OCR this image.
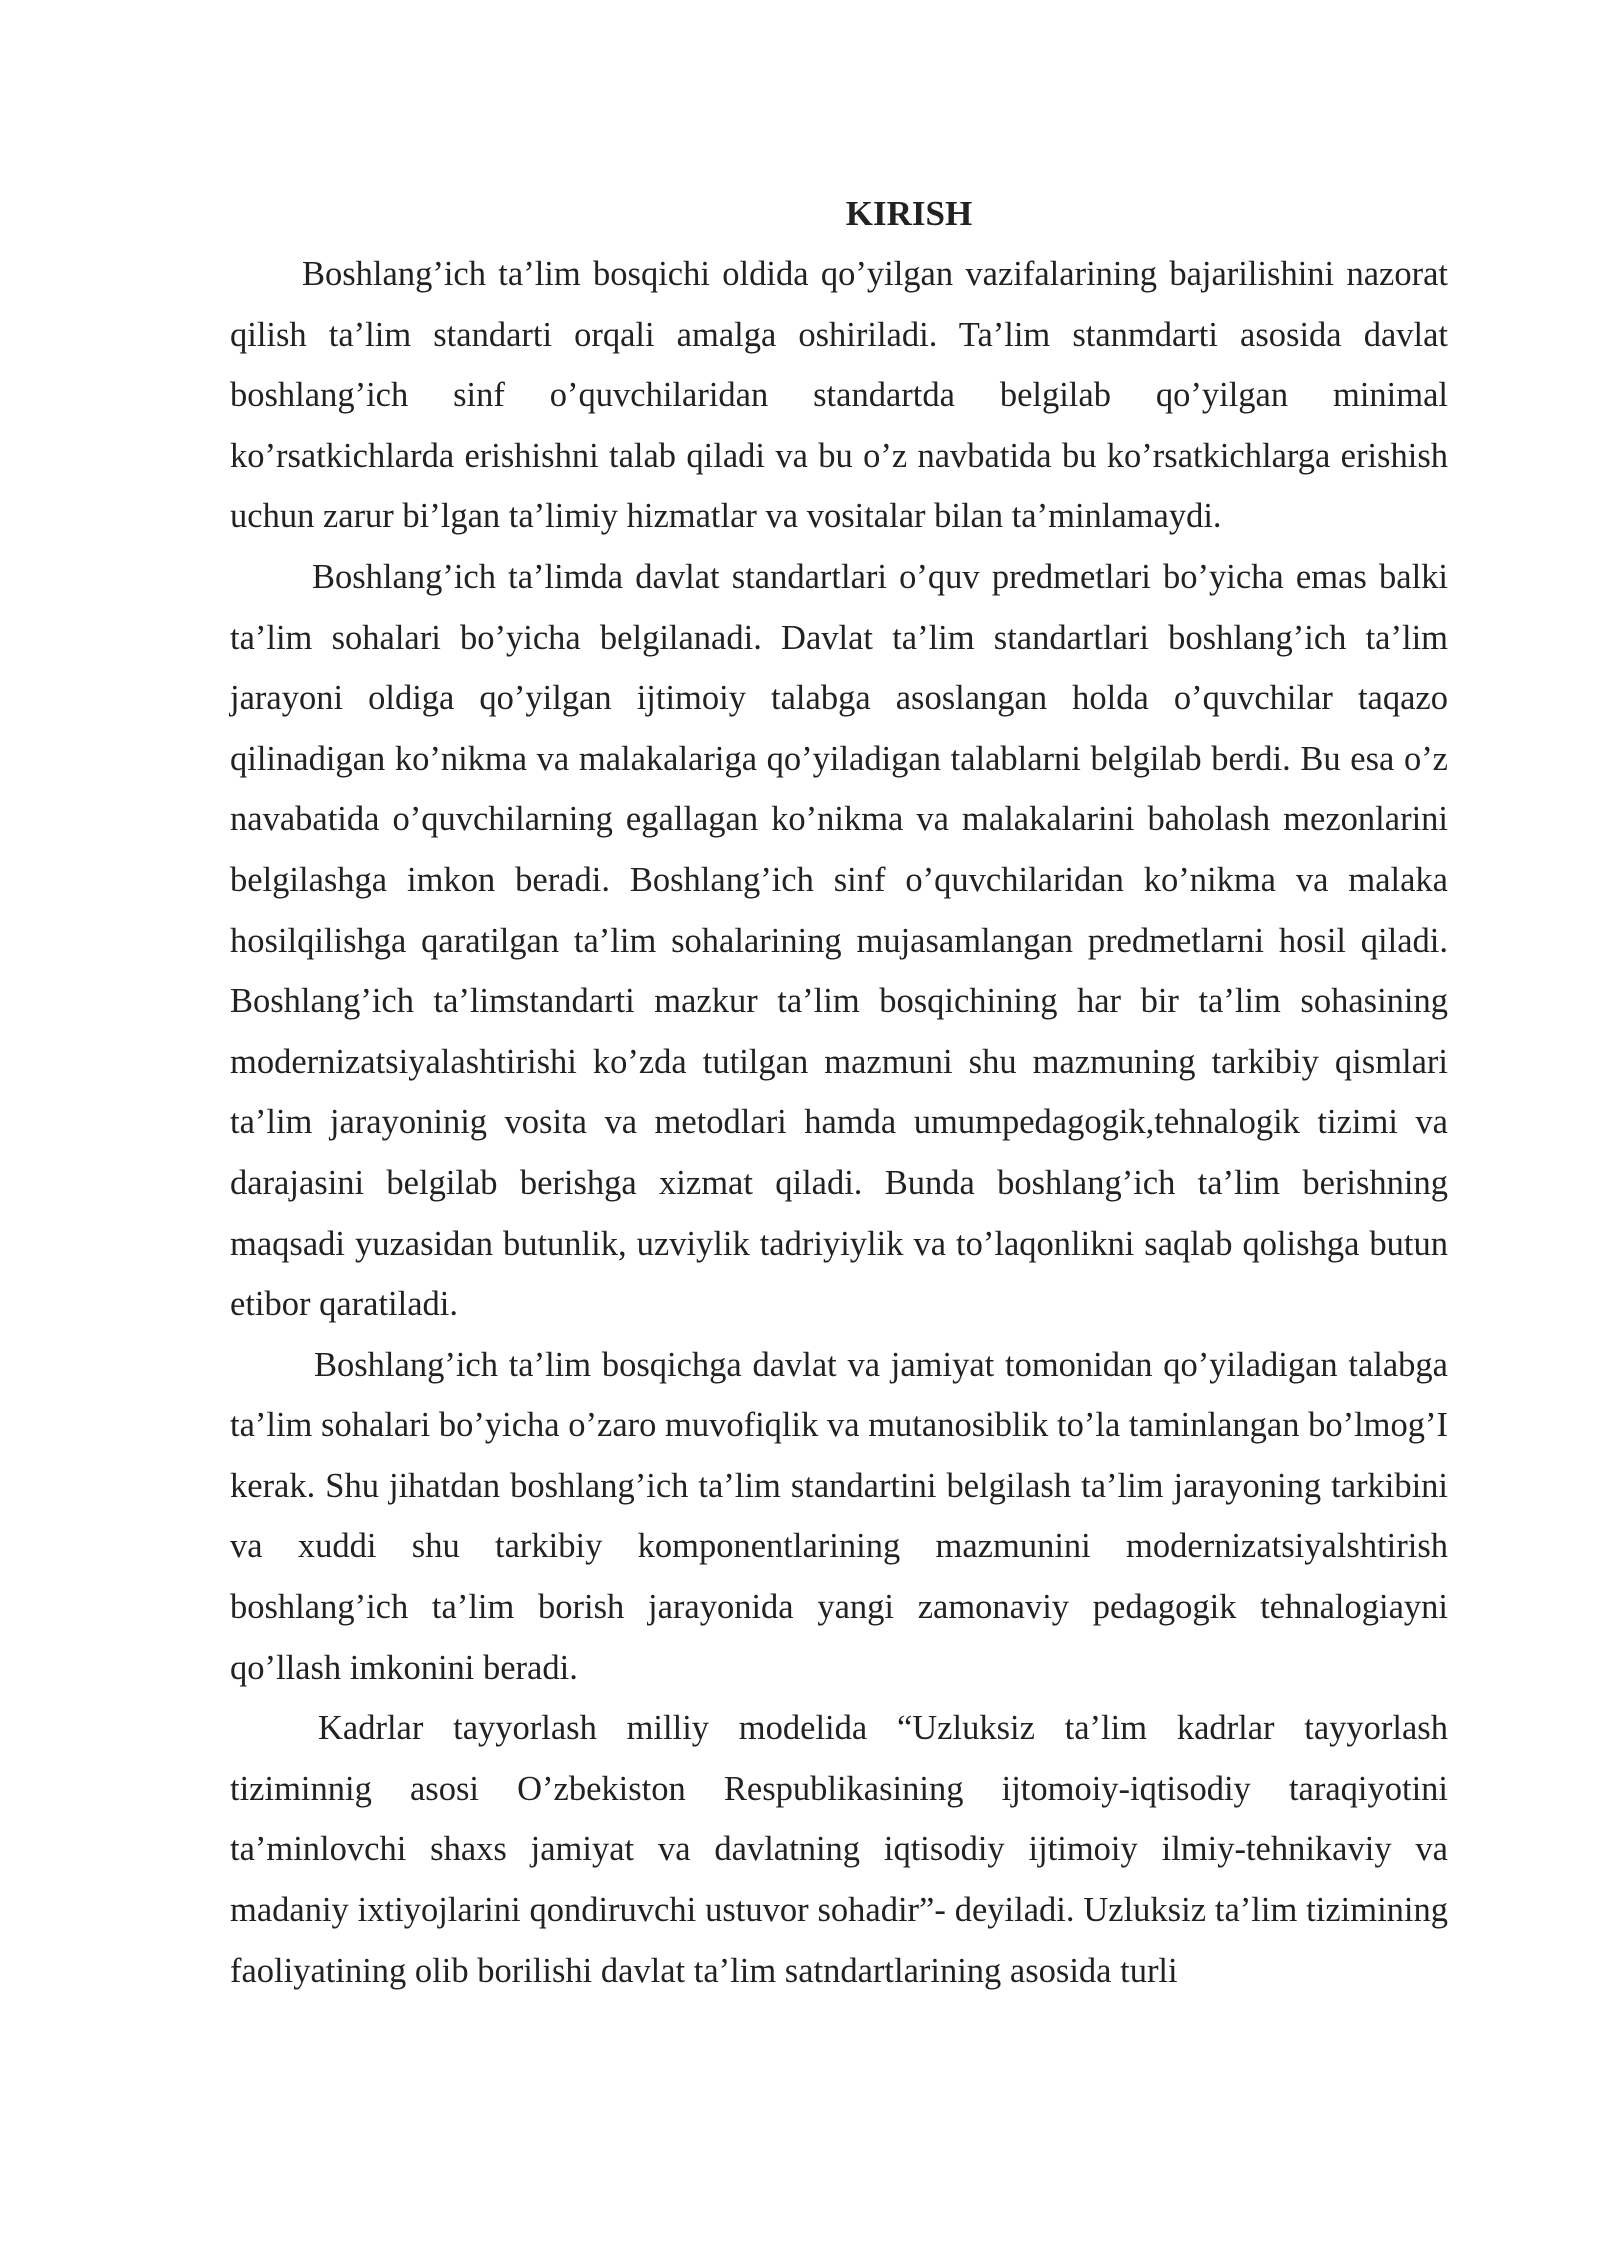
KIRISH

Boshlang’ich ta’lim bosqichi oldida qo’yilgan vazifalarining bajarilishini nazorat qilish ta’lim standarti orqali amalga oshiriladi. Ta’lim stanmdarti asosida davlat boshlang’ich sinf o’quvchilaridan standartda belgilab qo’yilgan minimal ko’rsatkichlarda erishishni talab qiladi va bu o’z navbatida bu ko’rsatkichlarga erishish uchun zarur bi’lgan ta’limiy hizmatlar va vositalar bilan ta’minlamaydi.

Boshlang’ich ta’limda davlat standartlari o’quv predmetlari bo’yicha emas balki ta’lim sohalari bo’yicha belgilanadi. Davlat ta’lim standartlari boshlang’ich ta’lim jarayoni oldiga qo’yilgan ijtimoiy talabga asoslangan holda o’quvchilar taqazo qilinadigan ko’nikma va malakalariga qo’yiladigan talablarni belgilab berdi. Bu esa o’z navabatida o’quvchilarning egallagan ko’nikma va malakalarini baholash mezonlarini belgilashga imkon beradi. Boshlang’ich sinf o’quvchilaridan ko’nikma va malaka hosilqilishga qaratilgan ta’lim sohalarining mujasamlangan predmetlarni hosil qiladi. Boshlang’ich ta’limstandarti mazkur ta’lim bosqichining har bir ta’lim sohasining modernizatsiyalashtirishi ko’zda tutilgan mazmuni shu mazmuning tarkibiy qismlari ta’lim jarayoninig vosita va metodlari hamda umumpedagogik,tehnalogik tizimi va darajasini belgilab berishga xizmat qiladi. Bunda boshlang’ich ta’lim berishning maqsadi yuzasidan butunlik, uzviylik tadriyiylik va to’laqonlikni saqlab qolishga butun etibor qaratiladi.

Boshlang’ich ta’lim bosqichga davlat va jamiyat tomonidan qo’yiladigan talabga ta’lim sohalari bo’yicha o’zaro muvofiqlik va mutanosiblik to’la taminlangan bo’lmog’I kerak. Shu jihatdan boshlang’ich ta’lim standartini belgilash ta’lim jarayoning tarkibini va xuddi shu tarkibiy komponentlarining mazmunini modernizatsiyalshtirish boshlang’ich ta’lim borish jarayonida yangi zamonaviy pedagogik tehnalogiayni qo’llash imkonini beradi.

Kadrlar tayyorlash milliy modelida “Uzluksiz ta’lim kadrlar tayyorlash tiziminnig asosi O’zbekiston Respublikasining ijtomoiy-iqtisodiy taraqiyotini ta’minlovchi shaxs jamiyat va davlatning iqtisodiy ijtimoiy ilmiy-tehnikaviy va madaniy ixtiyojlarini qondiruvchi ustuvor sohadir”- deyiladi. Uzluksiz ta’lim tizimining faoliyatining olib borilishi davlat ta’lim satndartlarining asosida turli
